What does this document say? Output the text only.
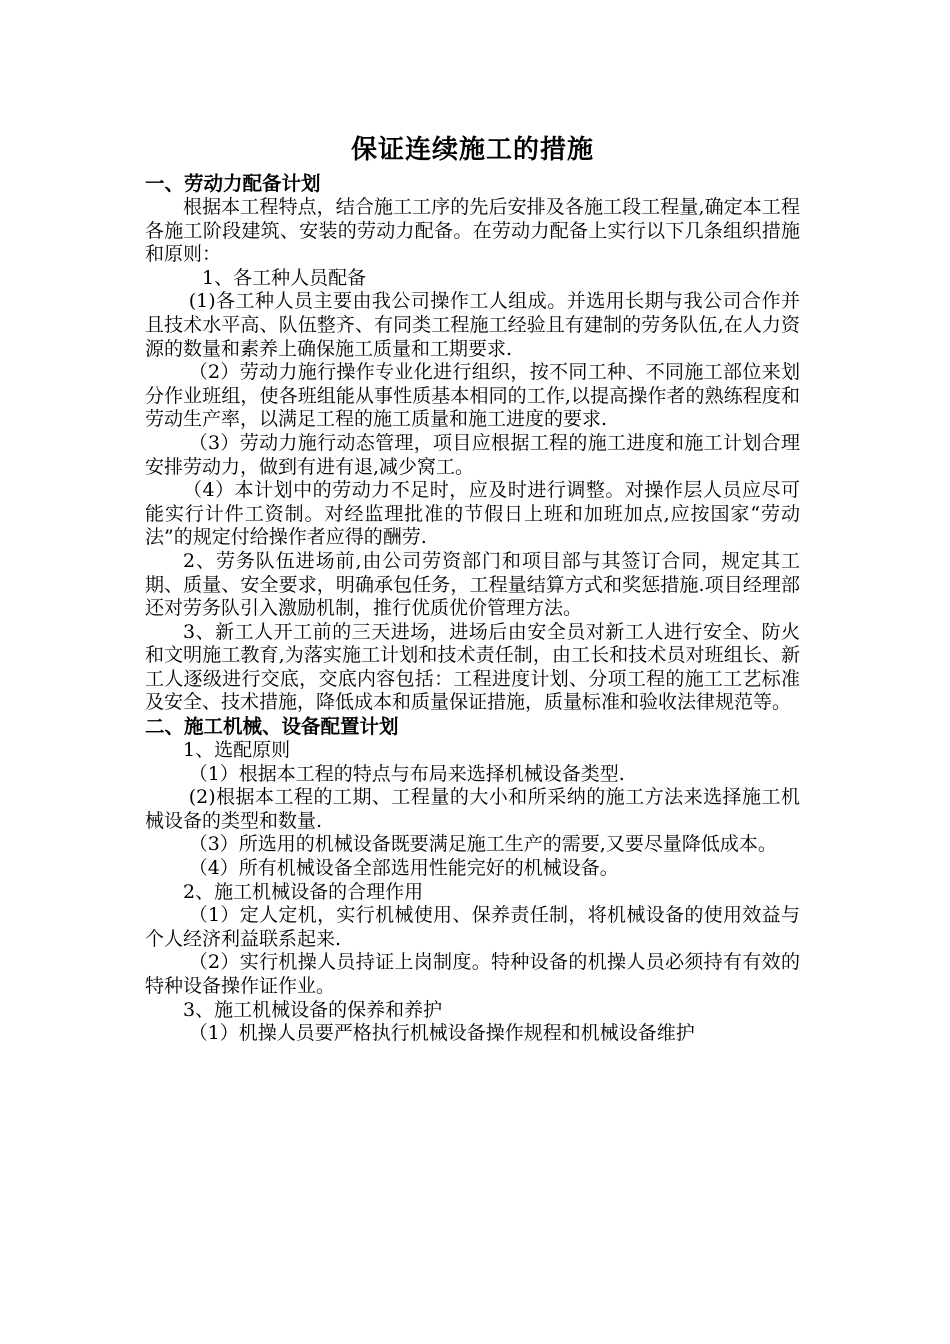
保证连续施工的措施
一、劳动力配备计划
根据本工程特点，结合施工工序的先后安排及各施工段工程量,确定本工程各施工阶段建筑、安装的劳动力配备。在劳动力配备上实行以下几条组织措施和原则：
1、各工种人员配备
(1)各工种人员主要由我公司操作工人组成。并选用长期与我公司合作并且技术水平高、队伍整齐、有同类工程施工经验且有建制的劳务队伍,在人力资源的数量和素养上确保施工质量和工期要求.
（2）劳动力施行操作专业化进行组织，按不同工种、不同施工部位来划分作业班组，使各班组能从事性质基本相同的工作,以提高操作者的熟练程度和劳动生产率，以满足工程的施工质量和施工进度的要求.
（3）劳动力施行动态管理，项目应根据工程的施工进度和施工计划合理安排劳动力，做到有进有退,减少窝工。
（4）本计划中的劳动力不足时，应及时进行调整。对操作层人员应尽可能实行计件工资制。对经监理批准的节假日上班和加班加点,应按国家“劳动法”的规定付给操作者应得的酬劳.
2、劳务队伍进场前,由公司劳资部门和项目部与其签订合同，规定其工期、质量、安全要求，明确承包任务，工程量结算方式和奖惩措施.项目经理部还对劳务队引入激励机制，推行优质优价管理方法。
3、新工人开工前的三天进场，进场后由安全员对新工人进行安全、防火和文明施工教育,为落实施工计划和技术责任制，由工长和技术员对班组长、新工人逐级进行交底，交底内容包括：工程进度计划、分项工程的施工工艺标准及安全、技术措施，降低成本和质量保证措施，质量标准和验收法律规范等。
二、施工机械、设备配置计划
1、选配原则
（1）根据本工程的特点与布局来选择机械设备类型.
(2)根据本工程的工期、工程量的大小和所采纳的施工方法来选择施工机械设备的类型和数量.
（3）所选用的机械设备既要满足施工生产的需要,又要尽量降低成本。
（4）所有机械设备全部选用性能完好的机械设备。
2、施工机械设备的合理作用
（1）定人定机，实行机械使用、保养责任制，将机械设备的使用效益与个人经济利益联系起来.
（2）实行机操人员持证上岗制度。特种设备的机操人员必须持有有效的特种设备操作证作业。
3、施工机械设备的保养和养护
（1）机操人员要严格执行机械设备操作规程和机械设备维护
